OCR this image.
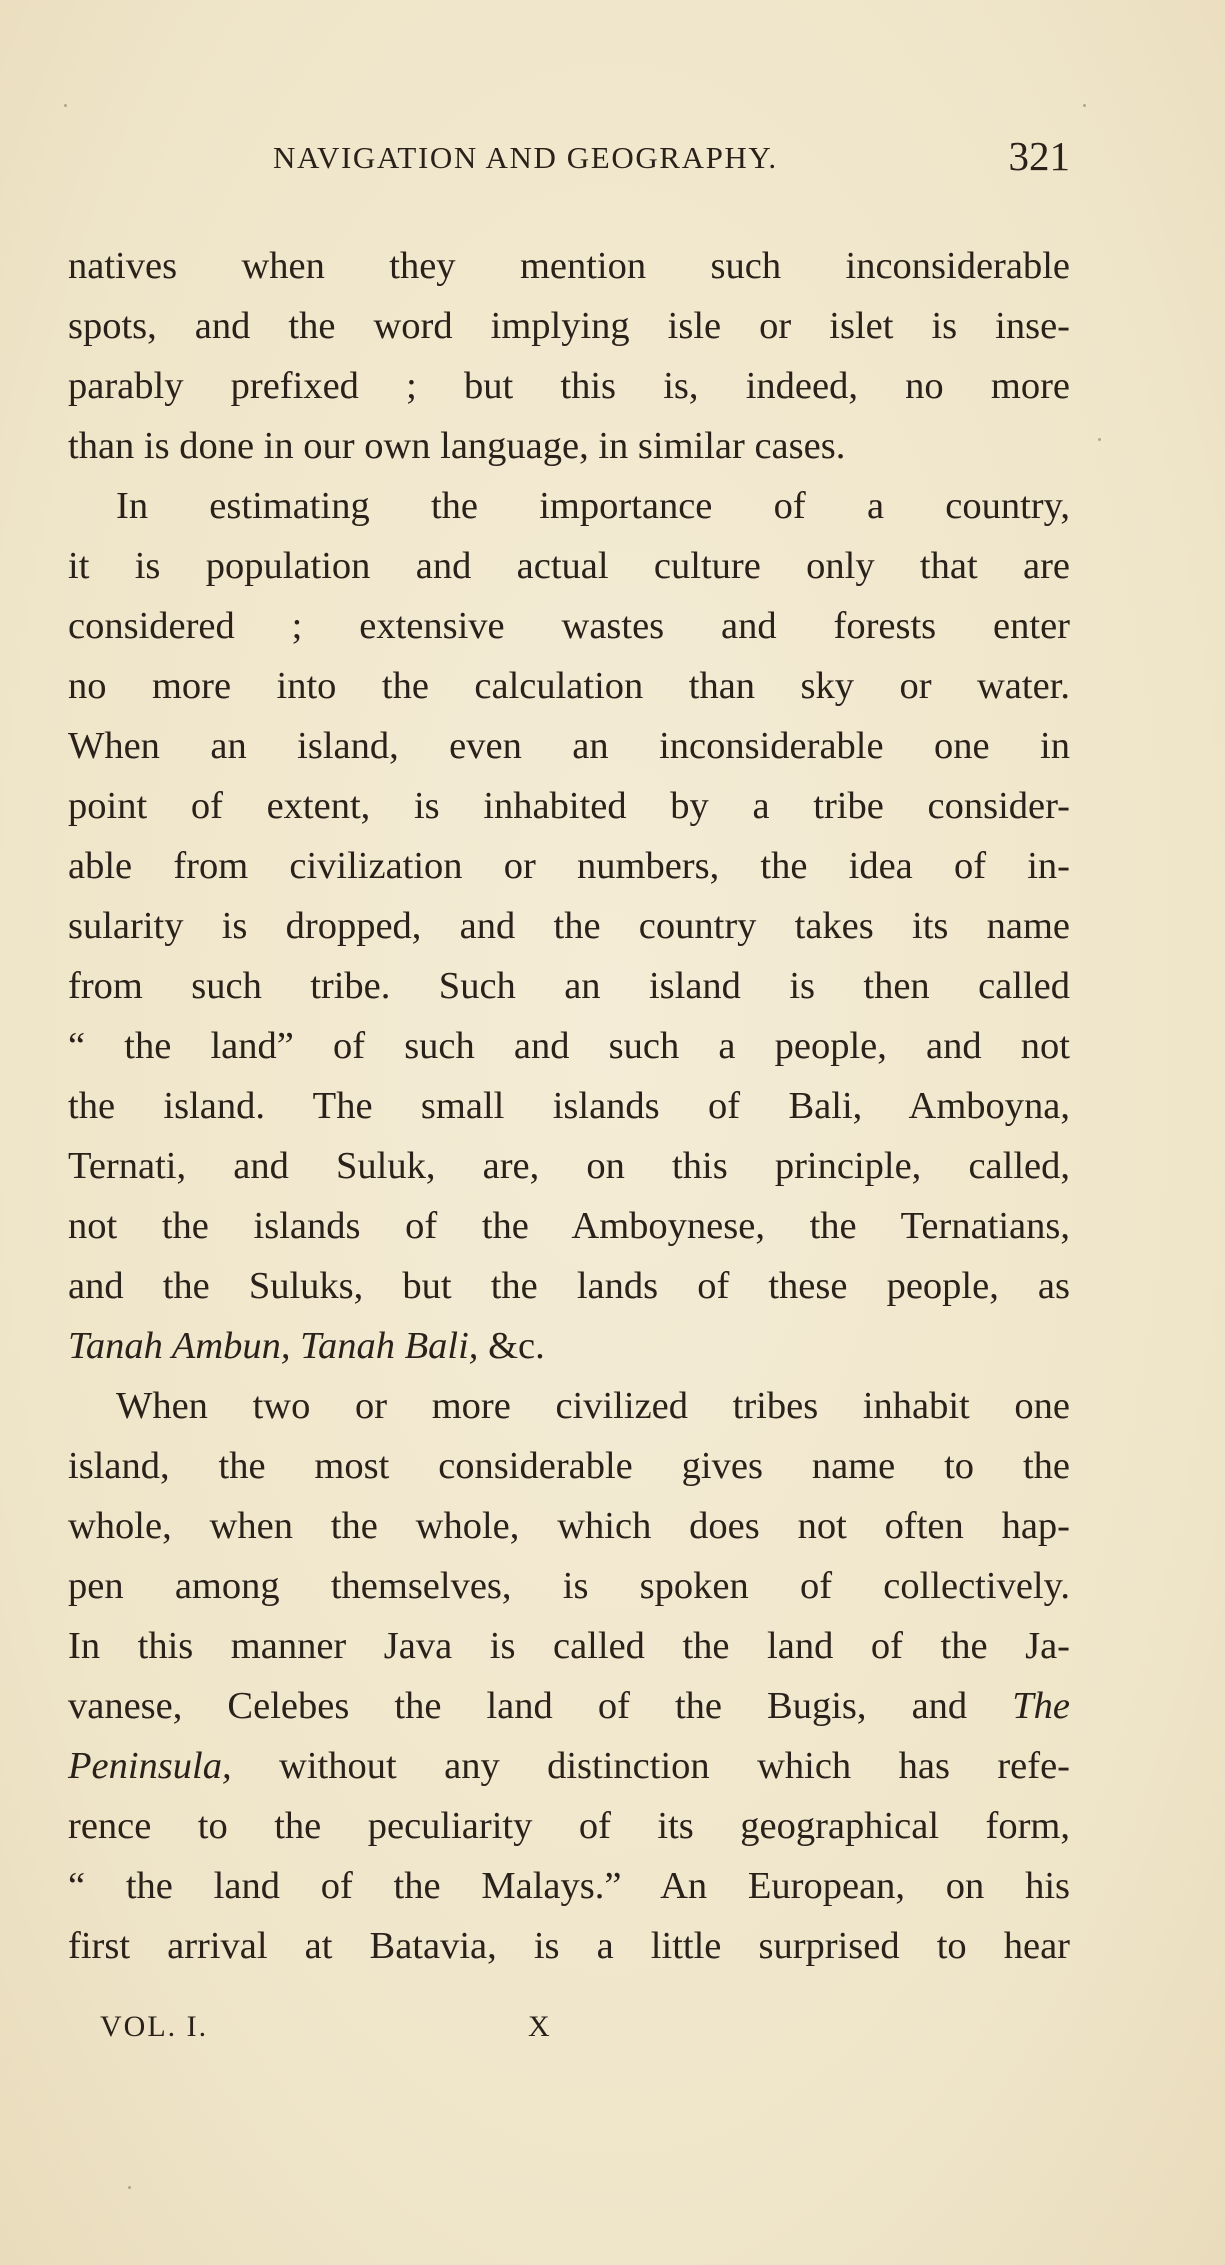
NAVIGATION AND GEOGRAPHY.	321
natives when they mention such inconsiderable
spots, and the word implying isle or islet is inse-
parably prefixed ; but this is, indeed, no more
than is done in our own language, in similar cases.
In estimating the importance of a country,
it is population and actual culture only that are
considered ; extensive wastes and forests enter
no more into the calculation than sky or water.
When an island, even an inconsiderable one in
point of extent, is inhabited by a tribe consider-
able from civilization or numbers, the idea of in-
sularity is dropped, and the country takes its name
from such tribe. Such an island is then called
“ the land” of such and such a people, and not
the island. The small islands of Bali, Amboyna,
Ternati, and Suluk, are, on this principle, called,
not the islands of the Amboynese, the Ternatians,
and the Suluks, but the lands of these people, as
Tanah Ambun, Tanah Bali, &c.
When two or more civilized tribes inhabit one
island, the most considerable gives name to the
whole, when the whole, which does not often hap-
pen among themselves, is spoken of collectively.
In this manner Java is called the land of the Ja-
vanese, Celebes the land of the Bugis, and The
Peninsula, without any distinction which has refe-
rence to the peculiarity of its geographical form,
“ the land of the Malays.” An European, on his
first arrival at Batavia, is a little surprised to hear
VOL. I.	X
